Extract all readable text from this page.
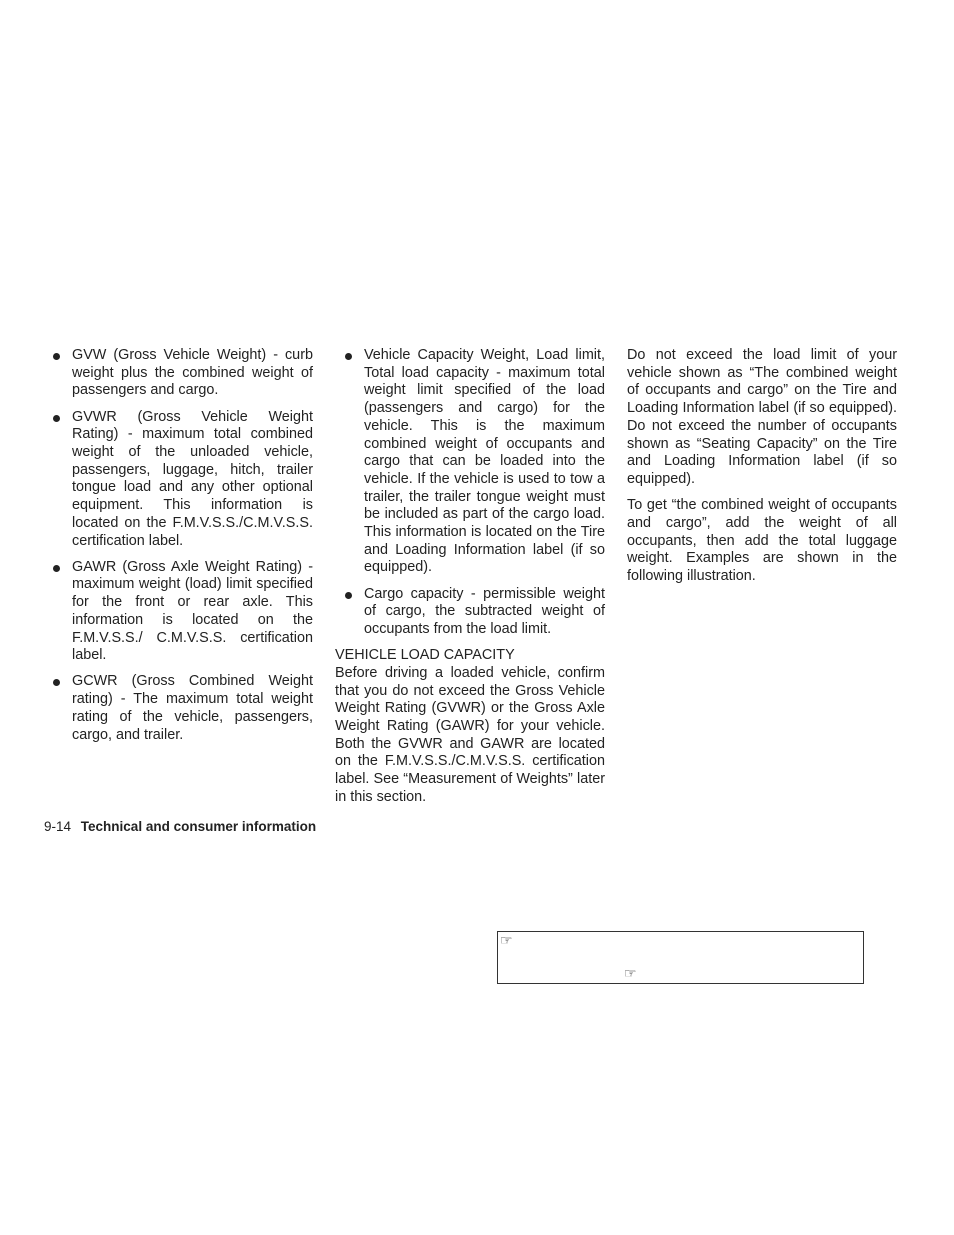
GVW (Gross Vehicle Weight) - curb weight plus the combined weight of passengers and cargo.
GVWR (Gross Vehicle Weight Rating) - maximum total combined weight of the unloaded vehicle, passengers, luggage, hitch, trailer tongue load and any other optional equipment. This information is located on the F.M.V.S.S./C.M.V.S.S. certification label.
GAWR (Gross Axle Weight Rating) - maximum weight (load) limit specified for the front or rear axle. This information is located on the F.M.V.S.S./ C.M.V.S.S. certification label.
GCWR (Gross Combined Weight rating) - The maximum total weight rating of the vehicle, passengers, cargo, and trailer.
Vehicle Capacity Weight, Load limit, Total load capacity - maximum total weight limit specified of the load (passengers and cargo) for the vehicle. This is the maximum combined weight of occupants and cargo that can be loaded into the vehicle. If the vehicle is used to tow a trailer, the trailer tongue weight must be included as part of the cargo load. This information is located on the Tire and Loading Information label (if so equipped).
Cargo capacity - permissible weight of cargo, the subtracted weight of occupants from the load limit.

VEHICLE LOAD CAPACITY

Before driving a loaded vehicle, confirm that you do not exceed the Gross Vehicle Weight Rating (GVWR) or the Gross Axle Weight Rating (GAWR) for your vehicle. Both the GVWR and GAWR are located on the F.M.V.S.S./C.M.V.S.S. certification label. See “Measurement of Weights” later in this section.

Do not exceed the load limit of your vehicle shown as “The combined weight of occupants and cargo” on the Tire and Loading Information label (if so equipped). Do not exceed the number of occupants shown as “Seating Capacity” on the Tire and Loading Information label (if so equipped).

To get “the combined weight of occupants and cargo”, add the weight of all occupants, then add the total luggage weight. Examples are shown in the following illustration.

9-14 Technical and consumer information
☞
☞
